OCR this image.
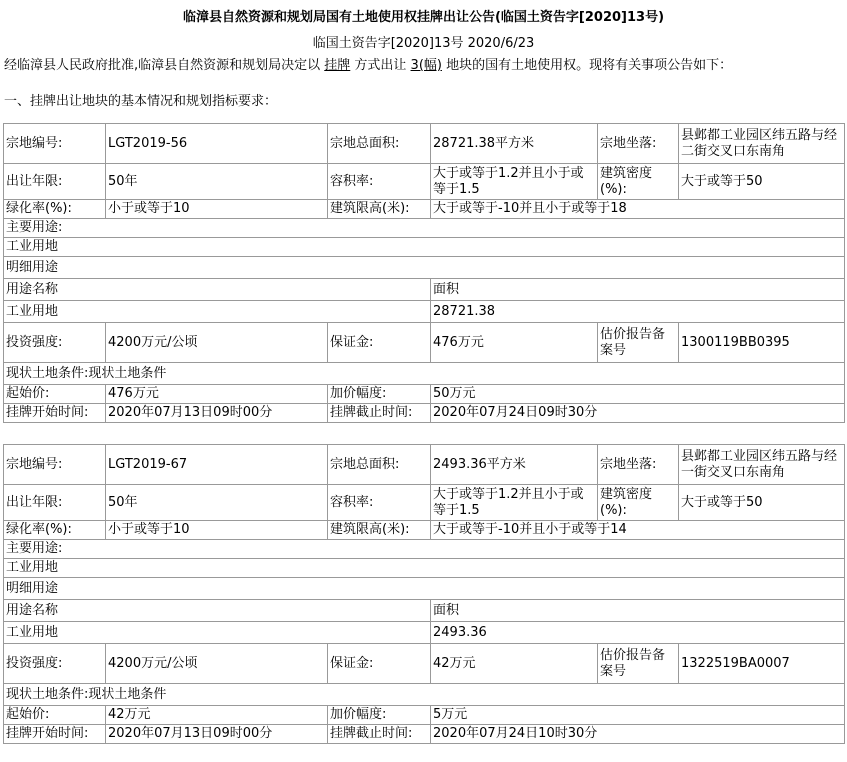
临漳县自然资源和规划局国有土地使用权挂牌出让公告(临国土资告字[2020]13号)
临国土资告字[2020]13号 2020/6/23
经临漳县人民政府批准,临漳县自然资源和规划局决定以 挂牌 方式出让 3(幅) 地块的国有土地使用权。现将有关事项公告如下：
一、挂牌出让地块的基本情况和规划指标要求：
宗地编号:	LGT2019-56	宗地总面积:	28721.38平方米	宗地坐落:	县邺都工业园区纬五路与经二街交叉口东南角
出让年限:	50年	容积率:	大于或等于1.2并且小于或等于1.5	建筑密度(%):	大于或等于50
绿化率(%):	小于或等于10	建筑限高(米):	大于或等于-10并且小于或等于18		
主要用途:					
工业用地					
明细用途					
用途名称			面积		
工业用地			28721.38		
投资强度:	4200万元/公顷	保证金:	476万元	估价报告备案号	1300119BB0395
现状土地条件:现状土地条件					
起始价:	476万元	加价幅度:	50万元		
挂牌开始时间:	2020年07月13日09时00分	挂牌截止时间:	2020年07月24日09时30分		
宗地编号:	LGT2019-67	宗地总面积:	2493.36平方米	宗地坐落:	县邺都工业园区纬五路与经一街交叉口东南角
出让年限:	50年	容积率:	大于或等于1.2并且小于或等于1.5	建筑密度(%):	大于或等于50
绿化率(%):	小于或等于10	建筑限高(米):	大于或等于-10并且小于或等于14		
主要用途:					
工业用地					
明细用途					
用途名称			面积		
工业用地			2493.36		
投资强度:	4200万元/公顷	保证金:	42万元	估价报告备案号	1322519BA0007
现状土地条件:现状土地条件					
起始价:	42万元	加价幅度:	5万元		
挂牌开始时间:	2020年07月13日09时00分	挂牌截止时间:	2020年07月24日10时30分		
